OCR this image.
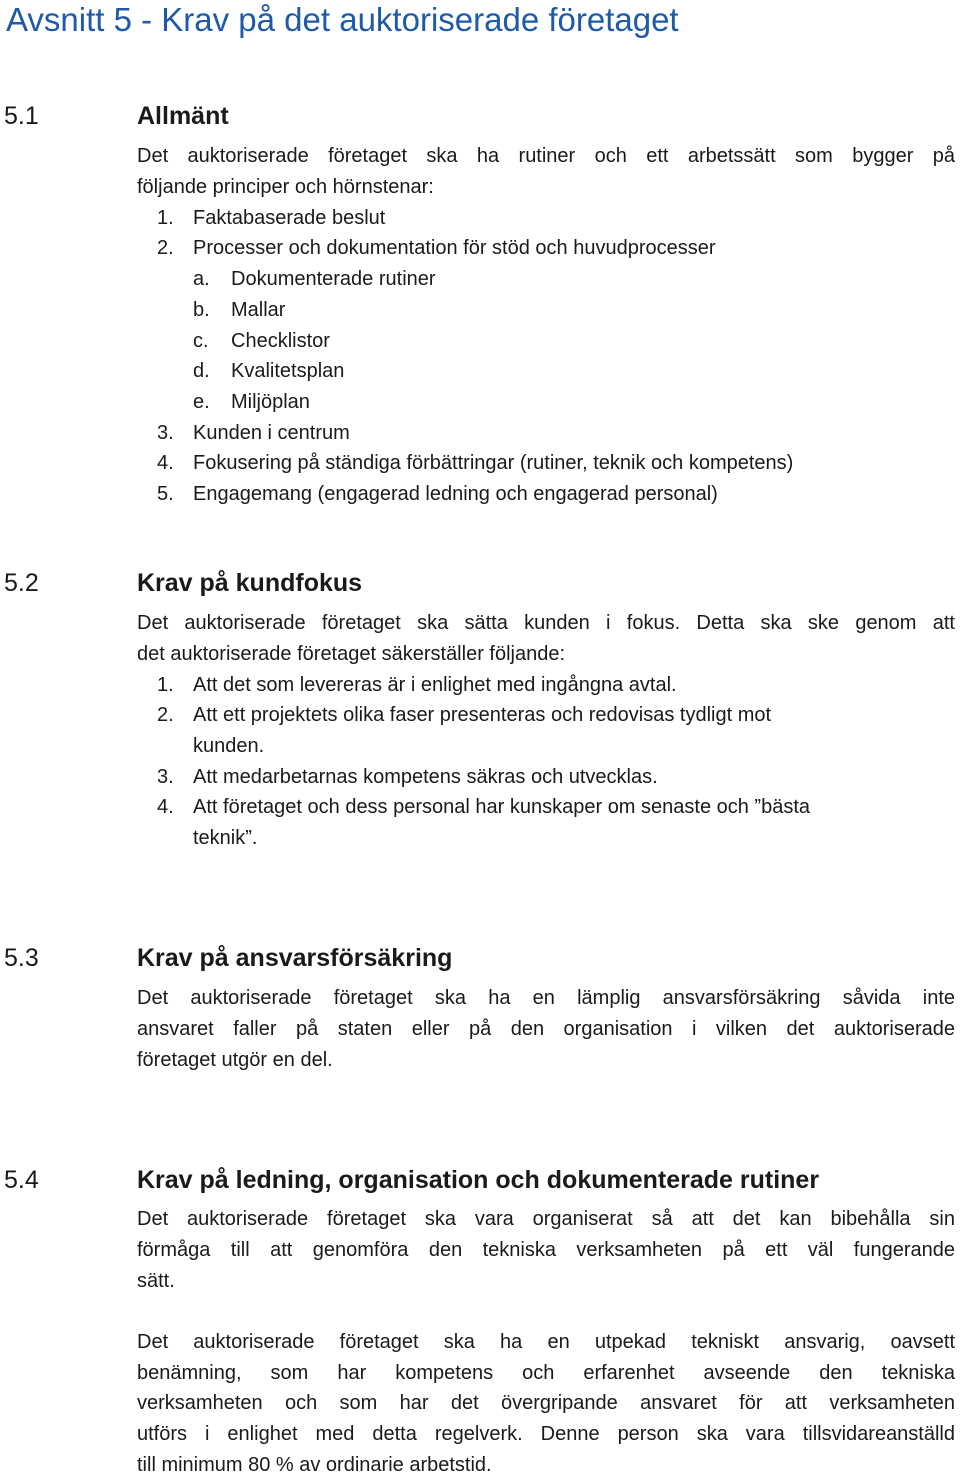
Avsnitt 5 - Krav på det auktoriserade företaget
5.1	Allmänt
Det auktoriserade företaget ska ha rutiner och ett arbetssätt som bygger på
följande principer och hörnstenar:
1. Faktabaserade beslut
2. Processer och dokumentation för stöd och huvudprocesser
a. Dokumenterade rutiner
b. Mallar
c. Checklistor
d. Kvalitetsplan
e. Miljöplan
3. Kunden i centrum
4. Fokusering på ständiga förbättringar (rutiner, teknik och kompetens)
5. Engagemang (engagerad ledning och engagerad personal)
5.2	Krav på kundfokus
Det auktoriserade företaget ska sätta kunden i fokus. Detta ska ske genom att
det auktoriserade företaget säkerställer följande:
1. Att det som levereras är i enlighet med ingångna avtal.
2. Att ett projektets olika faser presenteras och redovisas tydligt mot
kunden.
3. Att medarbetarnas kompetens säkras och utvecklas.
4. Att företaget och dess personal har kunskaper om senaste och ”bästa
teknik”.
5.3	Krav på ansvarsförsäkring
Det auktoriserade företaget ska ha en lämplig ansvarsförsäkring såvida inte
ansvaret faller på staten eller på den organisation i vilken det auktoriserade
företaget utgör en del.
5.4	Krav på ledning, organisation och dokumenterade rutiner
Det auktoriserade företaget ska vara organiserat så att det kan bibehålla sin
förmåga till att genomföra den tekniska verksamheten på ett väl fungerande
sätt.
Det auktoriserade företaget ska ha en utpekad tekniskt ansvarig, oavsett
benämning, som har kompetens och erfarenhet avseende den tekniska
verksamheten och som har det övergripande ansvaret för att verksamheten
utförs i enlighet med detta regelverk. Denne person ska vara tillsvidareanställd
till minimum 80 % av ordinarie arbetstid.
